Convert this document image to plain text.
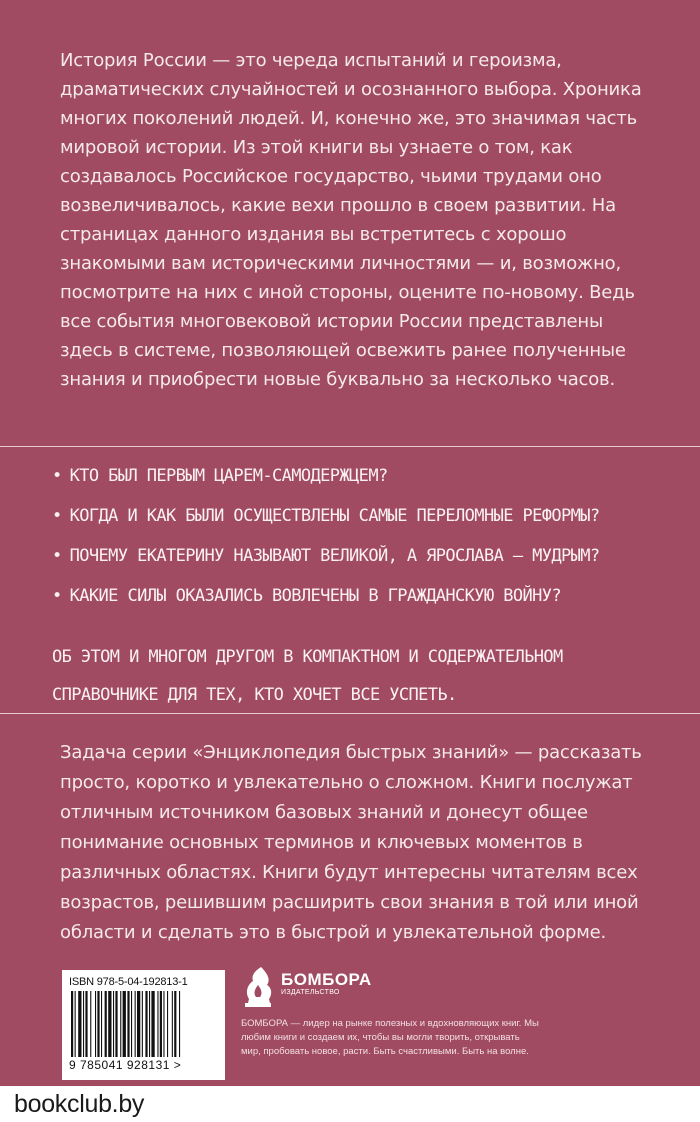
История России — это череда испытаний и героизма, драматических случайностей и осознанного выбора. Хроника многих поколений людей. И, конечно же, это значимая часть мировой истории. Из этой книги вы узнаете о том, как создавалось Российское государство, чьими трудами оно возвеличивалось, какие вехи прошло в своем развитии. На страницах данного издания вы встретитесь с хорошо знакомыми вам историческими личностями — и, возможно, посмотрите на них с иной стороны, оцените по-новому. Ведь все события многовековой истории России представлены здесь в системе, позволяющей освежить ранее полученные знания и приобрести новые буквально за несколько часов.

• КТО БЫЛ ПЕРВЫМ ЦАРЕМ-САМОДЕРЖЦЕМ?
• КОГДА И КАК БЫЛИ ОСУЩЕСТВЛЕНЫ САМЫЕ ПЕРЕЛОМНЫЕ РЕФОРМЫ?
• ПОЧЕМУ ЕКАТЕРИНУ НАЗЫВАЮТ ВЕЛИКОЙ, А ЯРОСЛАВА – МУДРЫМ?
• КАКИЕ СИЛЫ ОКАЗАЛИСЬ ВОВЛЕЧЕНЫ В ГРАЖДАНСКУЮ ВОЙНУ?

ОБ ЭТОМ И МНОГОМ ДРУГОМ В КОМПАКТНОМ И СОДЕРЖАТЕЛЬНОМ СПРАВОЧНИКЕ ДЛЯ ТЕХ, КТО ХОЧЕТ ВСЕ УСПЕТЬ.

Задача серии «Энциклопедия быстрых знаний» — рассказать просто, коротко и увлекательно о сложном. Книги послужат отличным источником базовых знаний и донесут общее понимание основных терминов и ключевых моментов в различных областях. Книги будут интересны читателям всех возрастов, решившим расширить свои знания в той или иной области и сделать это в быстрой и увлекательной форме.

ISBN 978-5-04-192813-1
9 785041 928131 >
БОМБОРА
ИЗДАТЕЛЬСТВО
БОМБОРА — лидер на рынке полезных и вдохновляющих книг. Мы любим книги и создаем их, чтобы вы могли творить, открывать мир, пробовать новое, расти. Быть счастливыми. Быть на волне.
bookclub.by
